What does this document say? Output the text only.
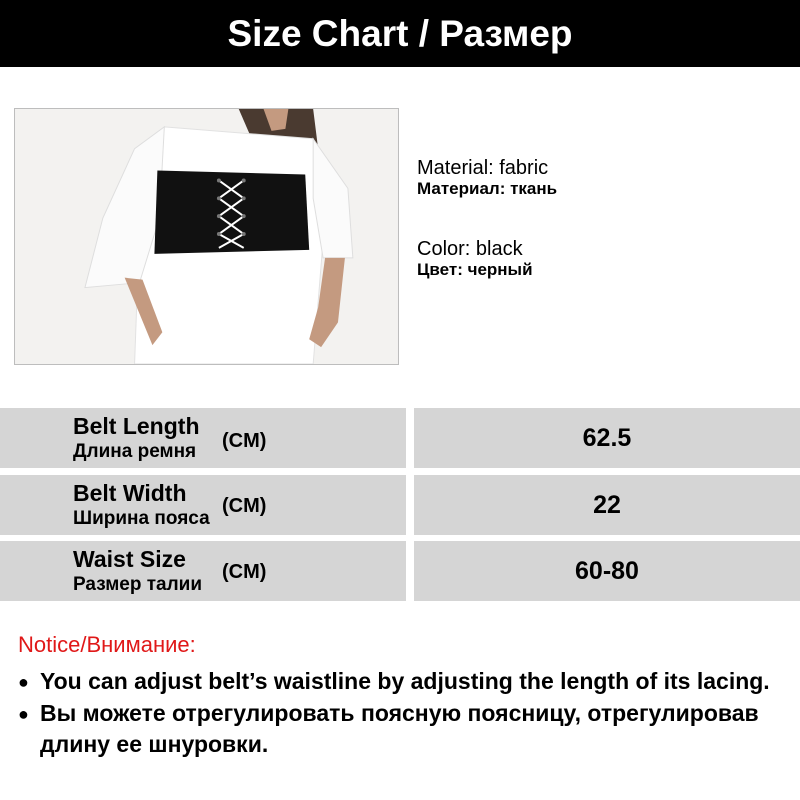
Size Chart / Размер
Material: fabric
Материал: ткань
Color: black
Цвет: черный
Belt Length
Длина ремня (CM)	62.5
Belt Width
Ширина пояса
(CM)	22
Waist Size
Размер талии
(CM)	60-80
Notice/Внимание:
● You can adjust belt’s waistline by adjusting the length of its lacing.
● Вы можете отрегулировать поясную поясницу, отрегулировав
длину ее шнуровки.
